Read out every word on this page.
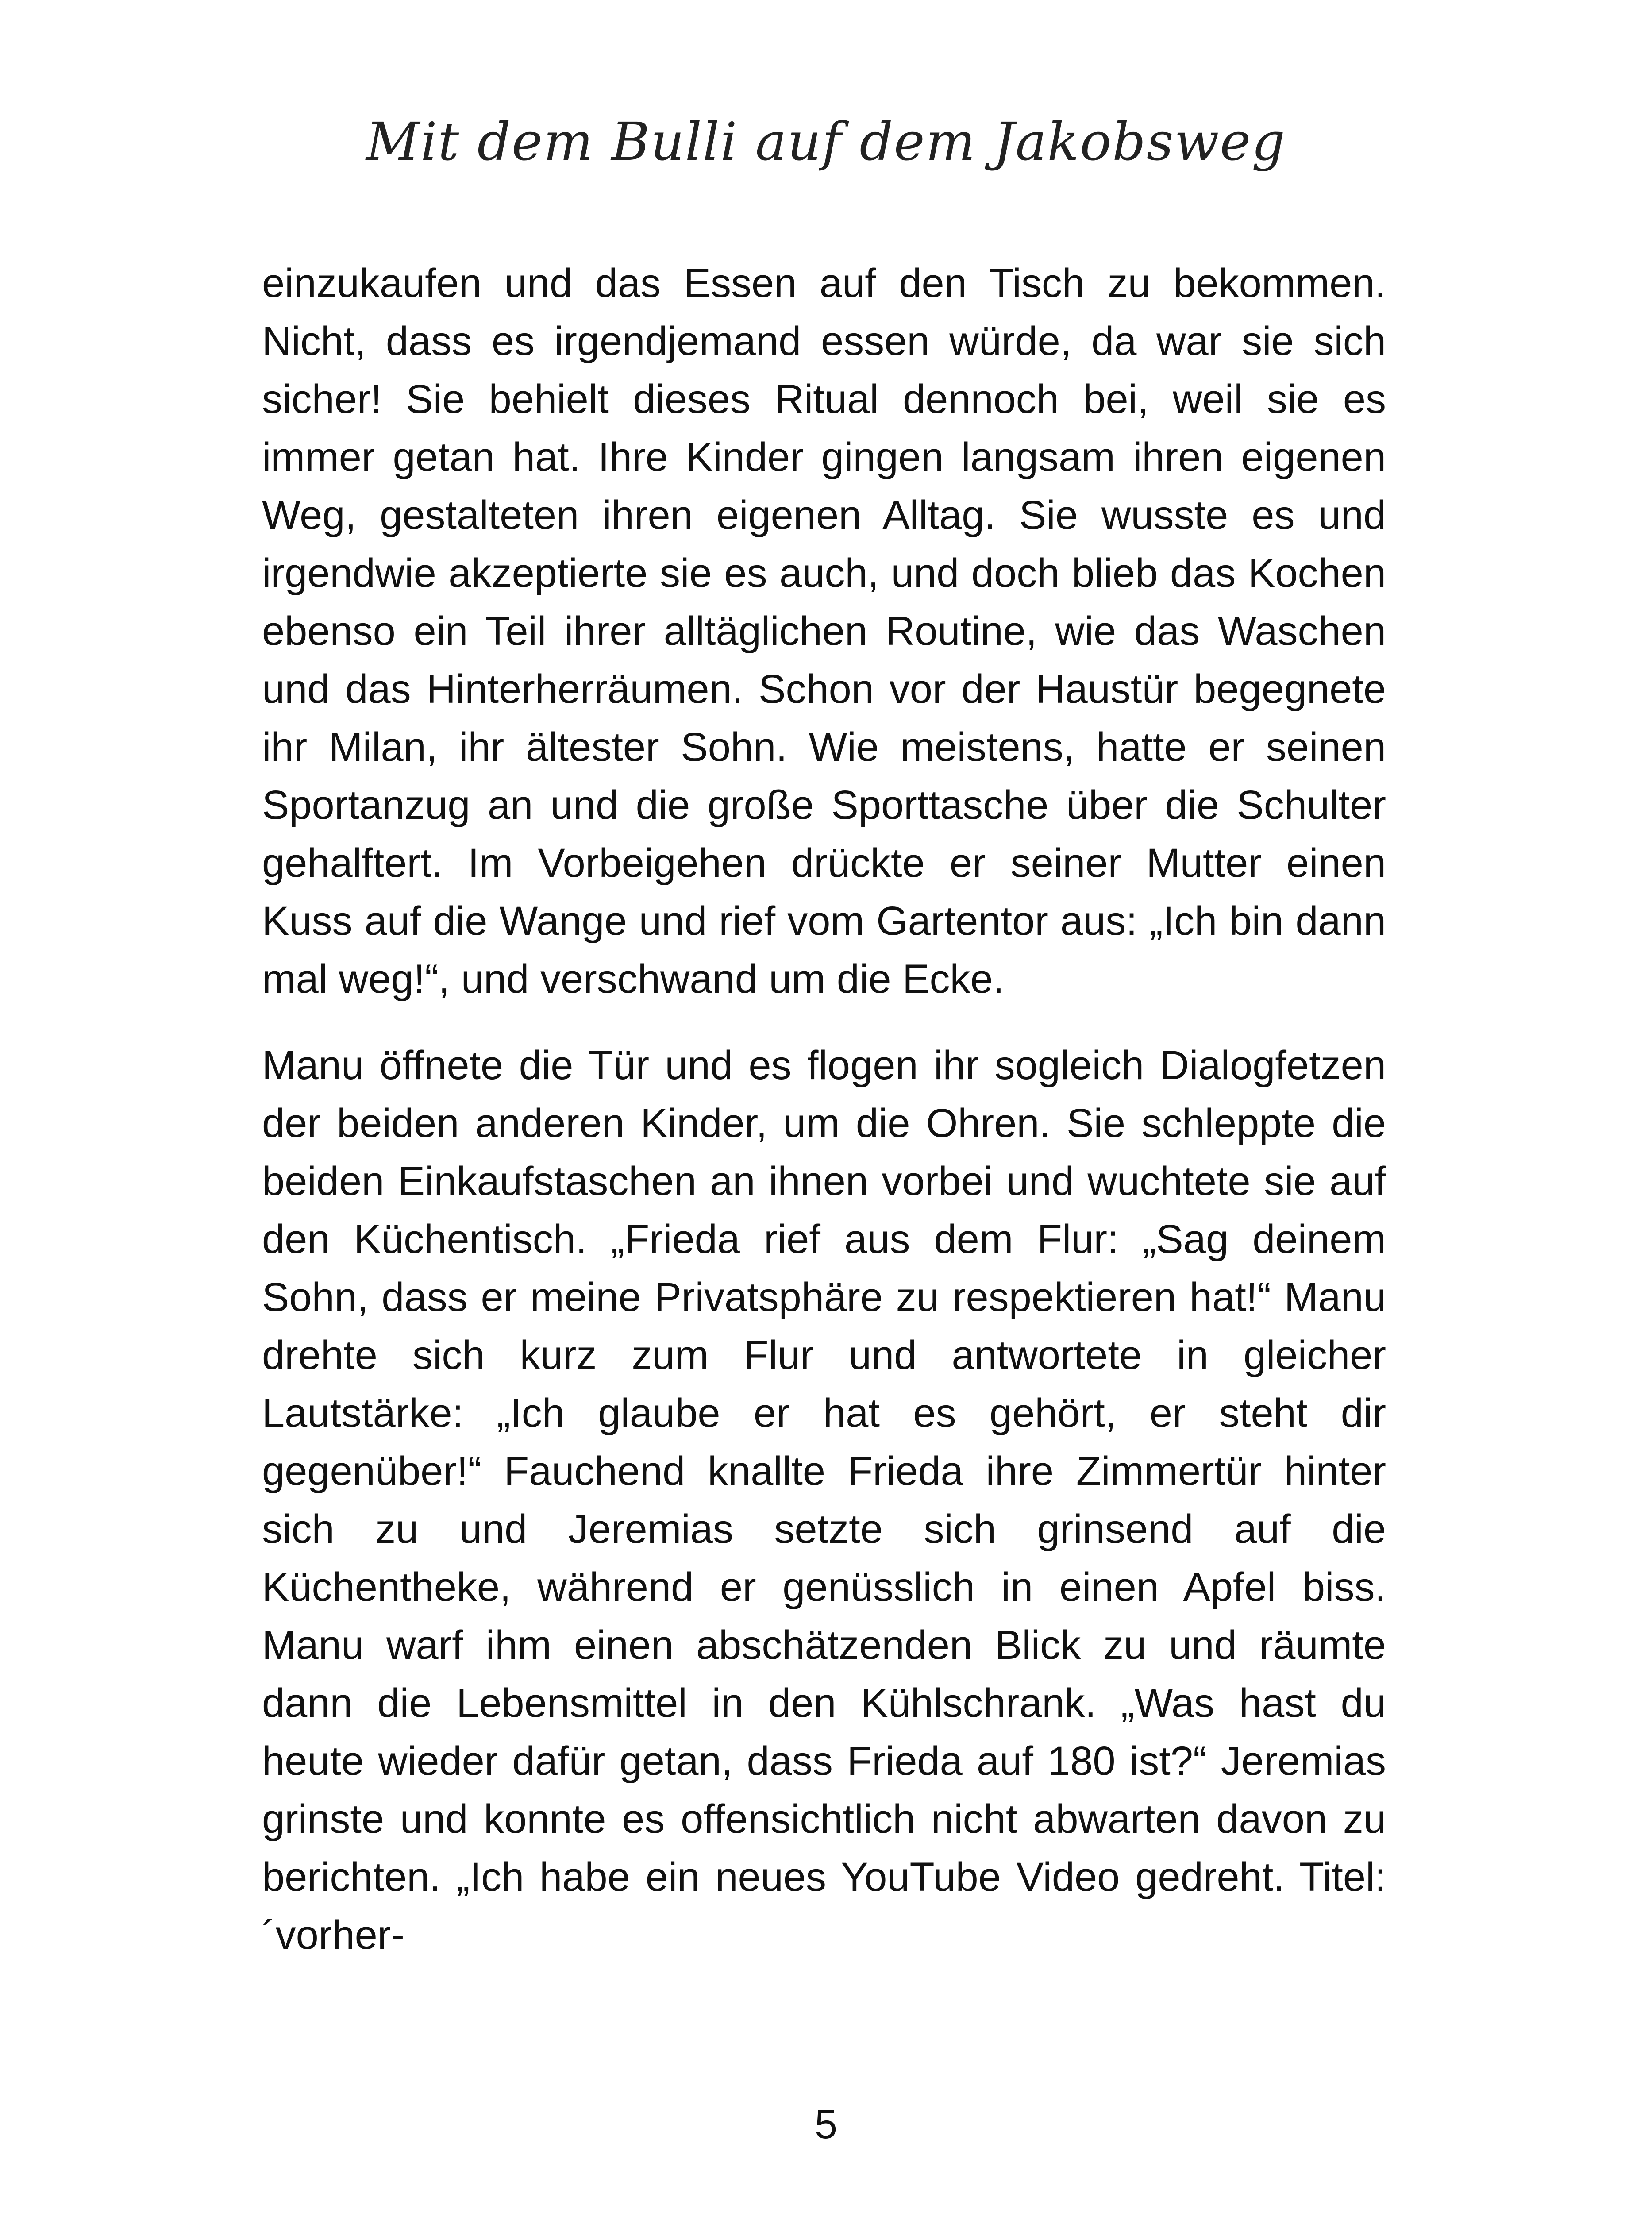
Mit dem Bulli auf dem Jakobsweg

einzukaufen und das Essen auf den Tisch zu bekommen. Nicht, dass es irgendjemand essen würde, da war sie sich sicher! Sie behielt dieses Ritual dennoch bei, weil sie es immer getan hat. Ihre Kinder gingen langsam ihren eigenen Weg, gestalteten ihren eigenen Alltag. Sie wusste es und irgendwie akzeptierte sie es auch, und doch blieb das Kochen ebenso ein Teil ihrer alltäglichen Routine, wie das Waschen und das Hinterherräumen. Schon vor der Haustür begegnete ihr Milan, ihr ältester Sohn. Wie meistens, hatte er seinen Sportanzug an und die große Sporttasche über die Schulter gehalftert. Im Vorbeigehen drückte er seiner Mutter einen Kuss auf die Wange und rief vom Gartentor aus: „Ich bin dann mal weg!“, und verschwand um die Ecke.

Manu öffnete die Tür und es flogen ihr sogleich Dialogfetzen der beiden anderen Kinder, um die Ohren. Sie schleppte die beiden Einkaufstaschen an ihnen vorbei und wuchtete sie auf den Küchentisch. „Frieda rief aus dem Flur: „Sag deinem Sohn, dass er meine Privatsphäre zu respektieren hat!“ Manu drehte sich kurz zum Flur und antwortete in gleicher Lautstärke: „Ich glaube er hat es gehört, er steht dir gegenüber!“ Fauchend knallte Frieda ihre Zimmertür hinter sich zu und Jeremias setzte sich grinsend auf die Küchentheke, während er genüsslich in einen Apfel biss. Manu warf ihm einen abschätzenden Blick zu und räumte dann die Lebensmittel in den Kühlschrank. „Was hast du heute wieder dafür getan, dass Frieda auf 180 ist?“ Jeremias grinste und konnte es offensichtlich nicht abwarten davon zu berichten. „Ich habe ein neues YouTube Video gedreht. Titel: ´vorher-

5
